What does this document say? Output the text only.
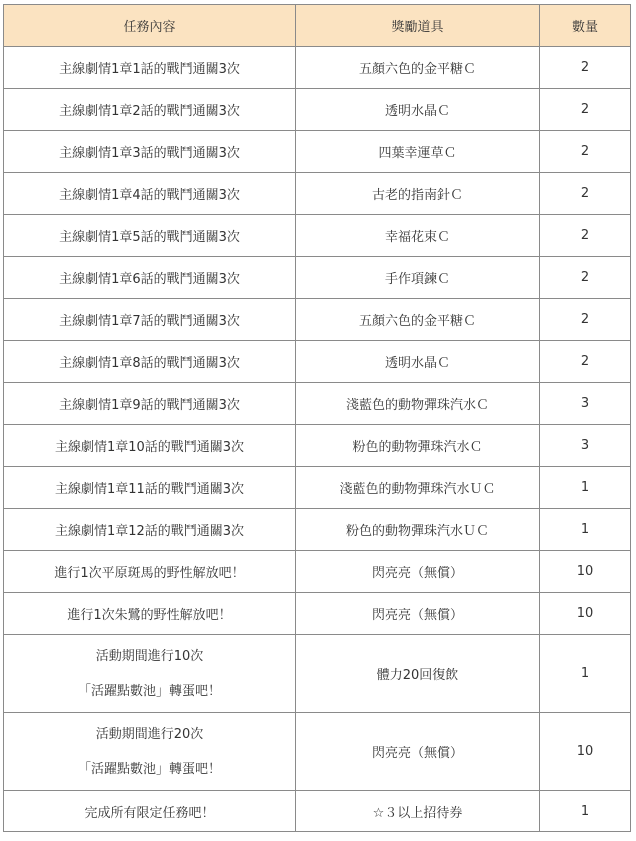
任務內容	獎勵道具	數量
主線劇情1章1話的戰鬥通關3次	五顏六色的金平糖Ｃ	2
主線劇情1章2話的戰鬥通關3次	透明水晶Ｃ	2
主線劇情1章3話的戰鬥通關3次	四葉幸運草Ｃ	2
主線劇情1章4話的戰鬥通關3次	古老的指南針Ｃ	2
主線劇情1章5話的戰鬥通關3次	幸福花束Ｃ	2
主線劇情1章6話的戰鬥通關3次	手作項鍊Ｃ	2
主線劇情1章7話的戰鬥通關3次	五顏六色的金平糖Ｃ	2
主線劇情1章8話的戰鬥通關3次	透明水晶Ｃ	2
主線劇情1章9話的戰鬥通關3次	淺藍色的動物彈珠汽水Ｃ	3
主線劇情1章10話的戰鬥通關3次	粉色的動物彈珠汽水Ｃ	3
主線劇情1章11話的戰鬥通關3次	淺藍色的動物彈珠汽水ＵＣ	1
主線劇情1章12話的戰鬥通關3次	粉色的動物彈珠汽水ＵＣ	1
進行1次平原斑馬的野性解放吧！	閃亮亮（無償）	10
進行1次朱鷺的野性解放吧！	閃亮亮（無償）	10

活動期間進行10次
「活躍點數池」轉蛋吧！	體力20回復飲	1

活動期間進行20次
「活躍點數池」轉蛋吧！	閃亮亮（無償）	10
完成所有限定任務吧！	☆３以上招待券	1
